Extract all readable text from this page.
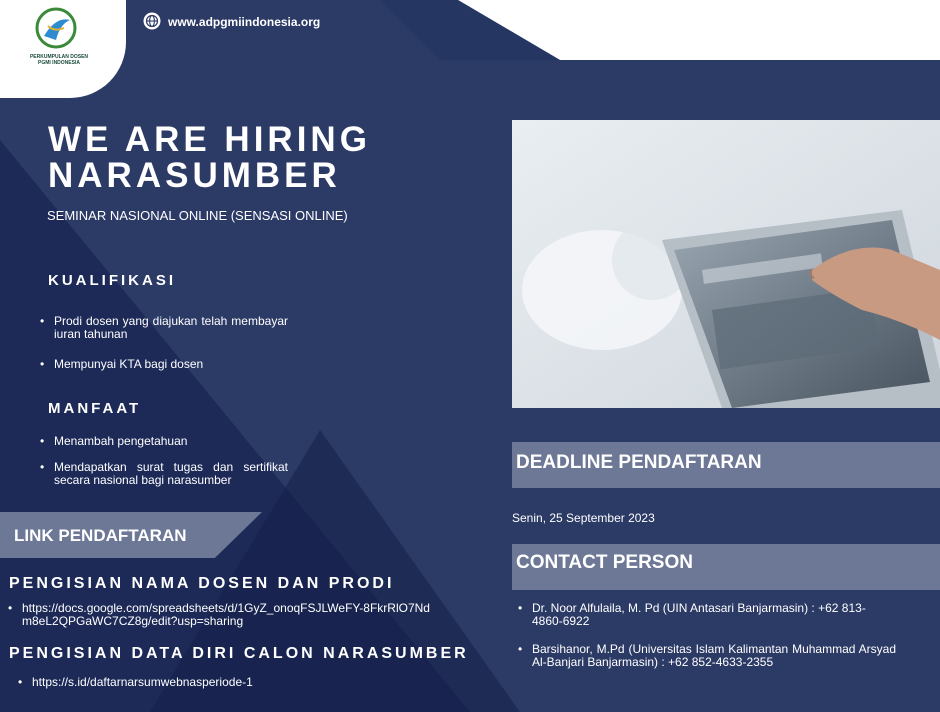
PERKUMPULAN DOSEN PGMI INDONESIA
www.adpgmiindonesia.org
WE ARE HIRING
NARASUMBER
SEMINAR NASIONAL ONLINE (SENSASI ONLINE)
KUALIFIKASI
• Prodi dosen yang diajukan telah membayar iuran tahunan
• Mempunyai KTA bagi dosen
MANFAAT
• Menambah pengetahuan
• Mendapatkan surat tugas dan sertifikat secara nasional bagi narasumber
LINK PENDAFTARAN
PENGISIAN NAMA DOSEN DAN PRODI
• https://docs.google.com/spreadsheets/d/1GyZ_onoqFSJLWeFY-8FkrRlO7Ndm8eL2QPGaWC7CZ8g/edit?usp=sharing
PENGISIAN DATA DIRI CALON NARASUMBER
• https://s.id/daftarnarsumwebnasperiode-1
DEADLINE PENDAFTARAN
Senin, 25 September 2023
CONTACT PERSON
• Dr. Noor Alfulaila, M. Pd (UIN Antasari Banjarmasin) : +62 813-4860-6922
• Barsihanor, M.Pd (Universitas Islam Kalimantan Muhammad Arsyad Al-Banjari Banjarmasin) : +62 852-4633-2355
